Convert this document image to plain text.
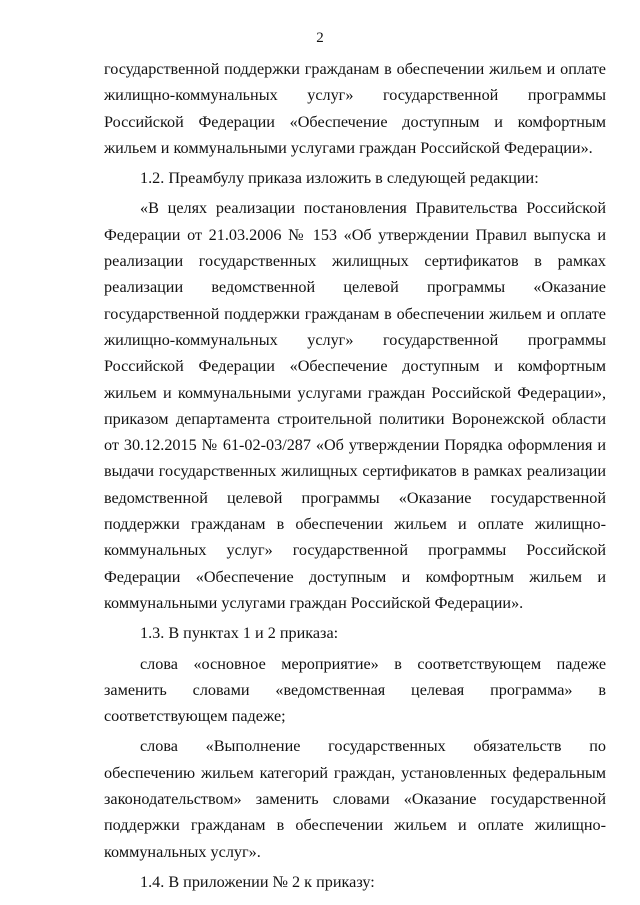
2

государственной поддержки гражданам в обеспечении жильем и оплате жилищно-коммунальных услуг» государственной программы Российской Федерации «Обеспечение доступным и комфортным жильем и коммунальными услугами граждан Российской Федерации».

1.2. Преамбулу приказа изложить в следующей редакции:

«В целях реализации постановления Правительства Российской Федерации от 21.03.2006 № 153 «Об утверждении Правил выпуска и реализации государственных жилищных сертификатов в рамках реализации ведомственной целевой программы «Оказание государственной поддержки гражданам в обеспечении жильем и оплате жилищно-коммунальных услуг» государственной программы Российской Федерации «Обеспечение доступным и комфортным жильем и коммунальными услугами граждан Российской Федерации», приказом департамента строительной политики Воронежской области от 30.12.2015 № 61-02-03/287 «Об утверждении Порядка оформления и выдачи государственных жилищных сертификатов в рамках реализации ведомственной целевой программы «Оказание государственной поддержки гражданам в обеспечении жильем и оплате жилищно-коммунальных услуг» государственной программы Российской Федерации «Обеспечение доступным и комфортным жильем и коммунальными услугами граждан Российской Федерации».

1.3. В пунктах 1 и 2 приказа:

слова «основное мероприятие» в соответствующем падеже заменить словами «ведомственная целевая программа» в соответствующем падеже;

слова «Выполнение государственных обязательств по обеспечению жильем категорий граждан, установленных федеральным законодательством» заменить словами «Оказание государственной поддержки гражданам в обеспечении жильем и оплате жилищно-коммунальных услуг».

1.4. В приложении № 2 к приказу:
